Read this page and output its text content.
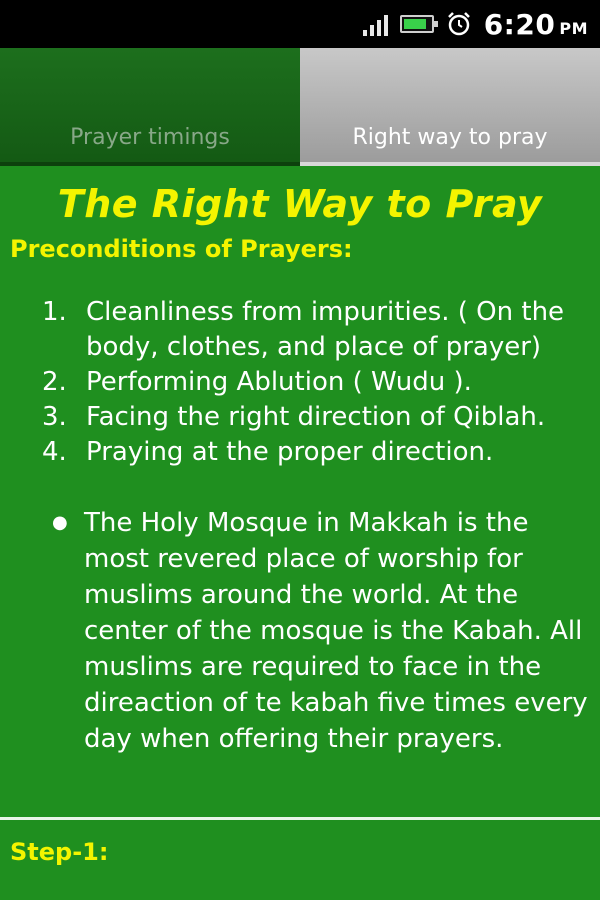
6:20 PM
Prayer timings	Right way to pray
The Right Way to Pray
Preconditions of Prayers:
1. Cleanliness from impurities. ( On the body, clothes, and place of prayer)
2. Performing Ablution ( Wudu ).
3. Facing the right direction of Qiblah.
4. Praying at the proper direction.
● The Holy Mosque in Makkah is the most revered place of worship for muslims around the world. At the center of the mosque is the Kabah. All muslims are required to face in the direaction of te kabah five times every day when offering their prayers.
Step-1:
